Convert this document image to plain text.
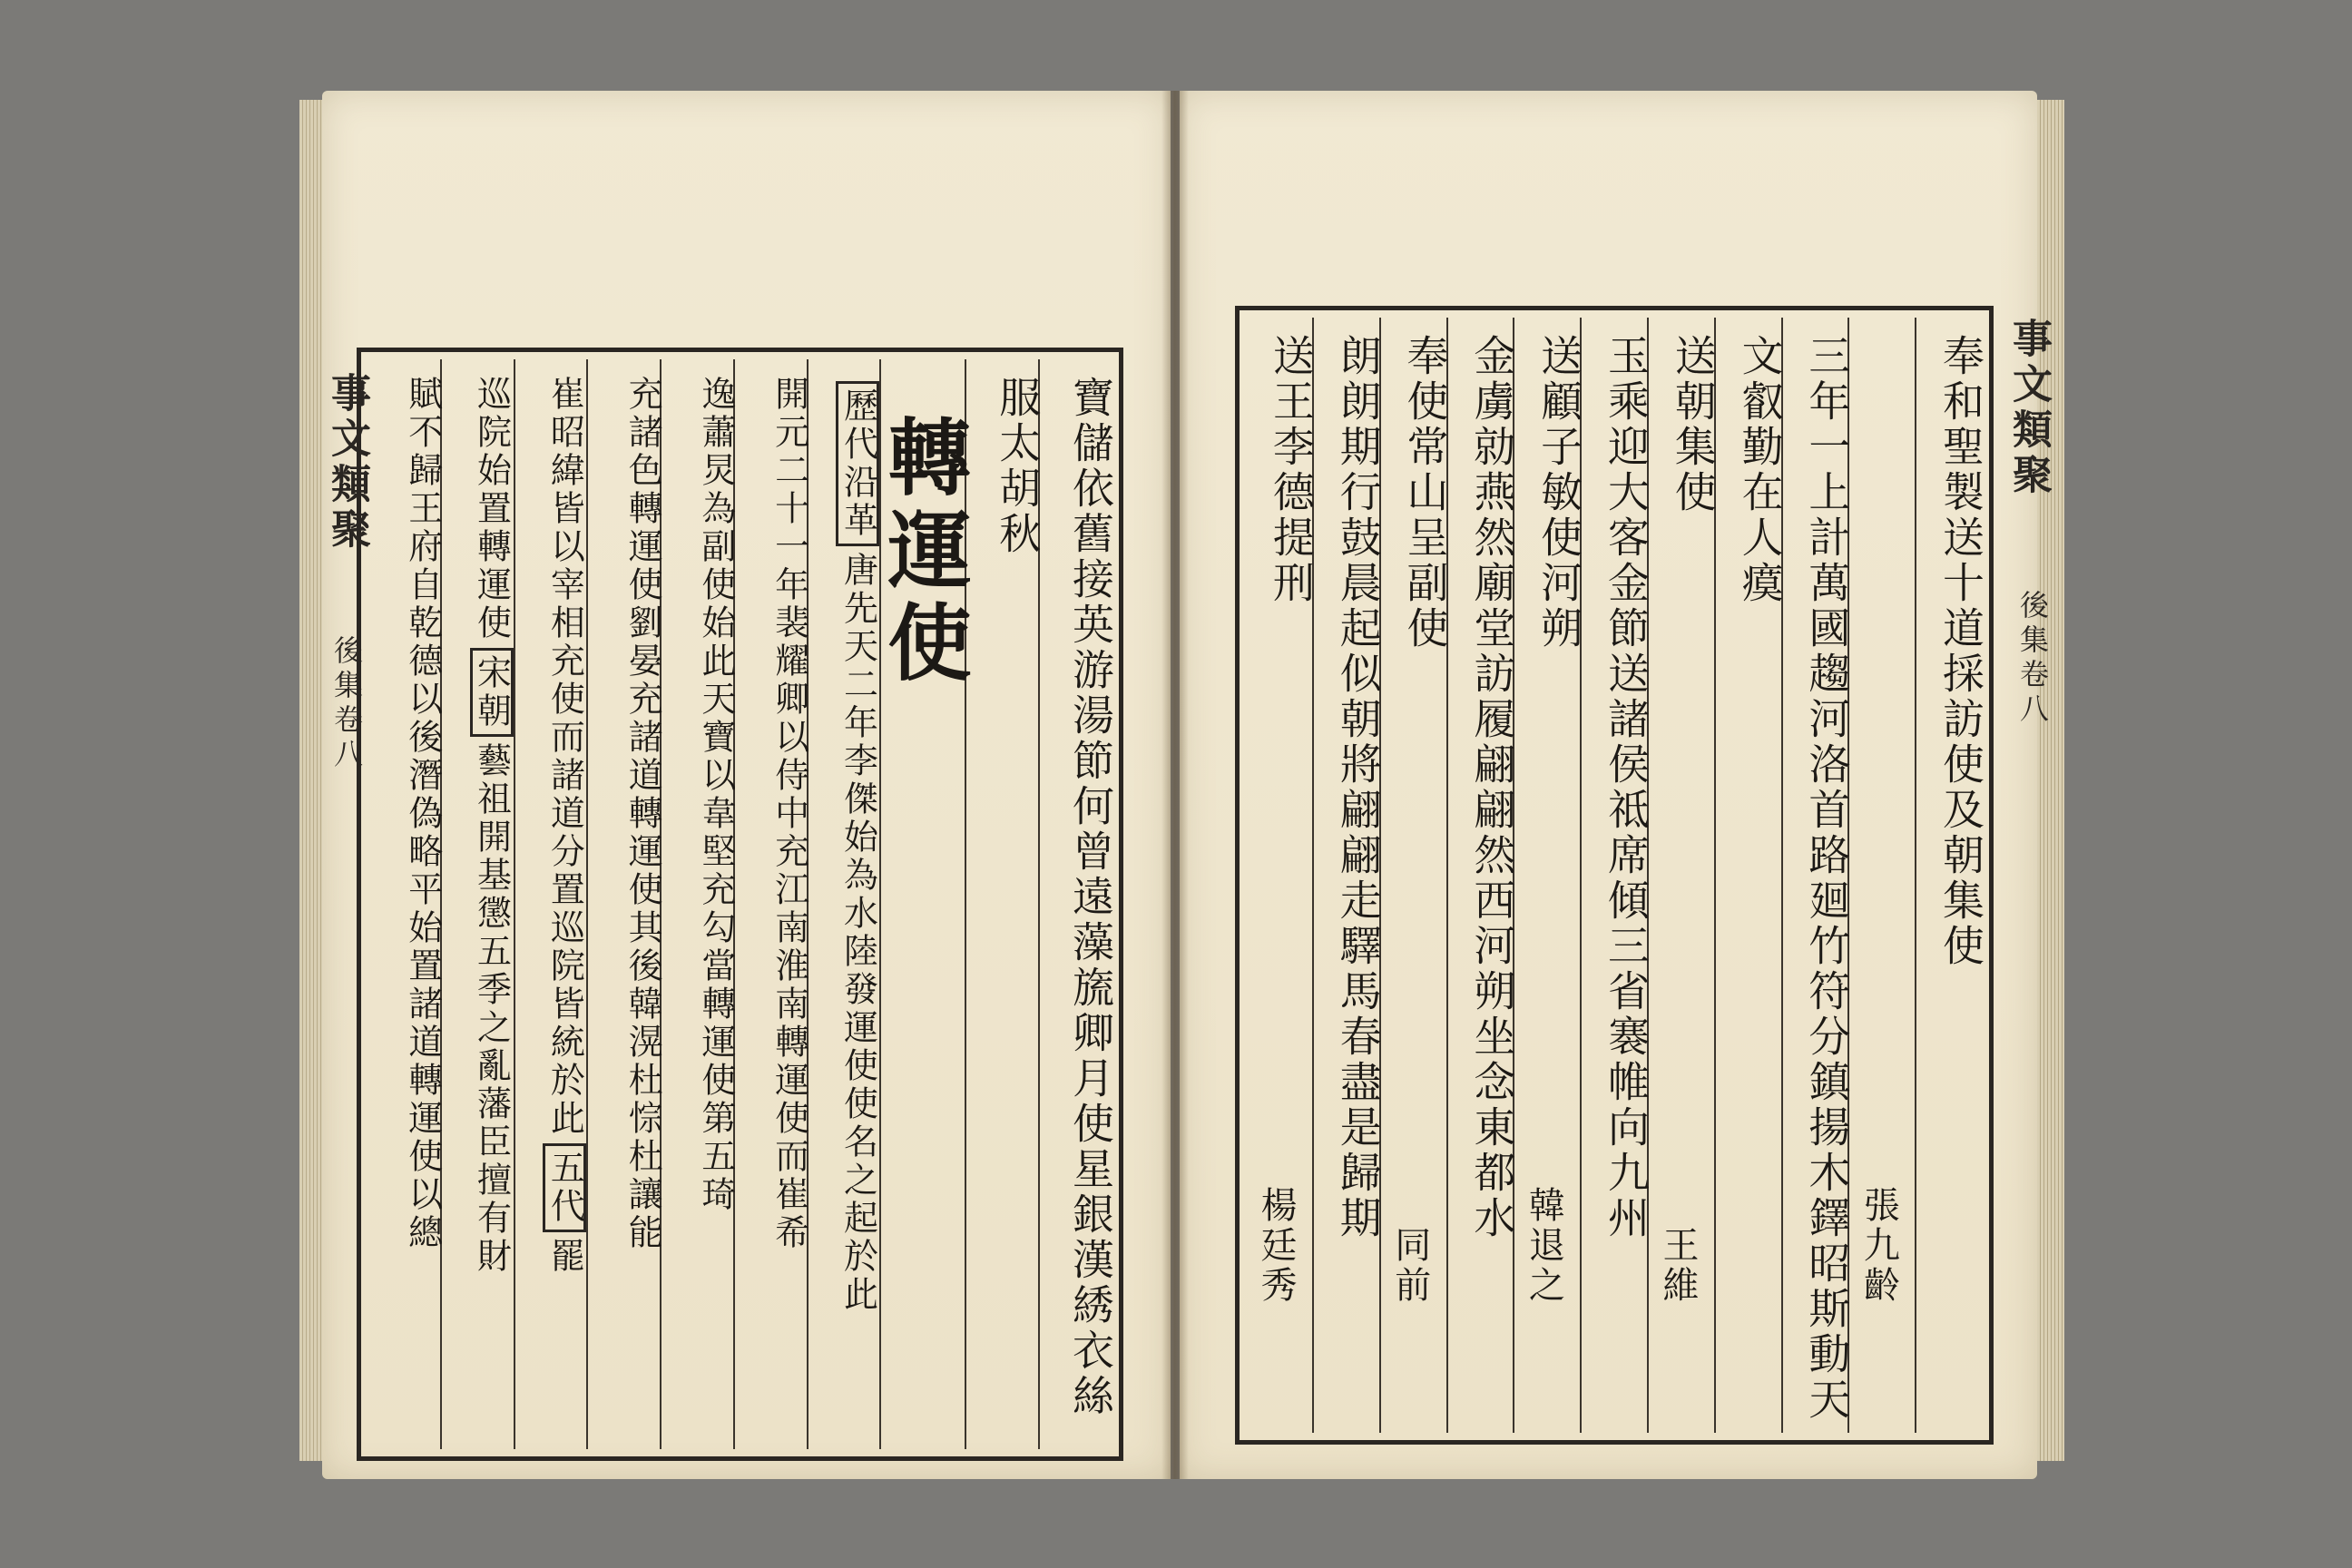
事文類聚
後集卷八	寶儲依舊接英游湯節何曾遠藻旒卿月使星銀漢綉衣絲
服太胡秋
轉運使
歷代沿革唐先天二年李傑始為水陸發運使使名之起於此
開元二十一年裴耀卿以侍中充江南淮南轉運使而崔希
逸蕭炅為副使始此天寶以韋堅充勾當轉運使第五琦
充諸色轉運使劉晏充諸道轉運使其後韓滉杜悰杜讓能
崔昭緯皆以宰相充使而諸道分置巡院皆統於此五代罷
巡院始置轉運使宋朝藝祖開基懲五季之亂藩臣擅有財
賦不歸王府自乾德以後潛偽略平始置諸道轉運使以總	事文類聚
後集卷八
奉和聖製送十道採訪使及朝集使
張九齡
三年一上計萬國趨河洛首路廻竹符分鎮揚木鐸昭斯動天
文叡勤在人瘼
送朝集使
王維
玉乘迎大客金節送諸侯祗席傾三省褰帷向九州
送顧子敏使河朔
韓退之
金虜勍燕然廟堂訪履翩翩然西河朔坐念東都水
奉使常山呈副使
同前
朗朗期行鼓晨起似朝將翩翩走驛馬春盡是歸期
送王李德提刑
楊廷秀
